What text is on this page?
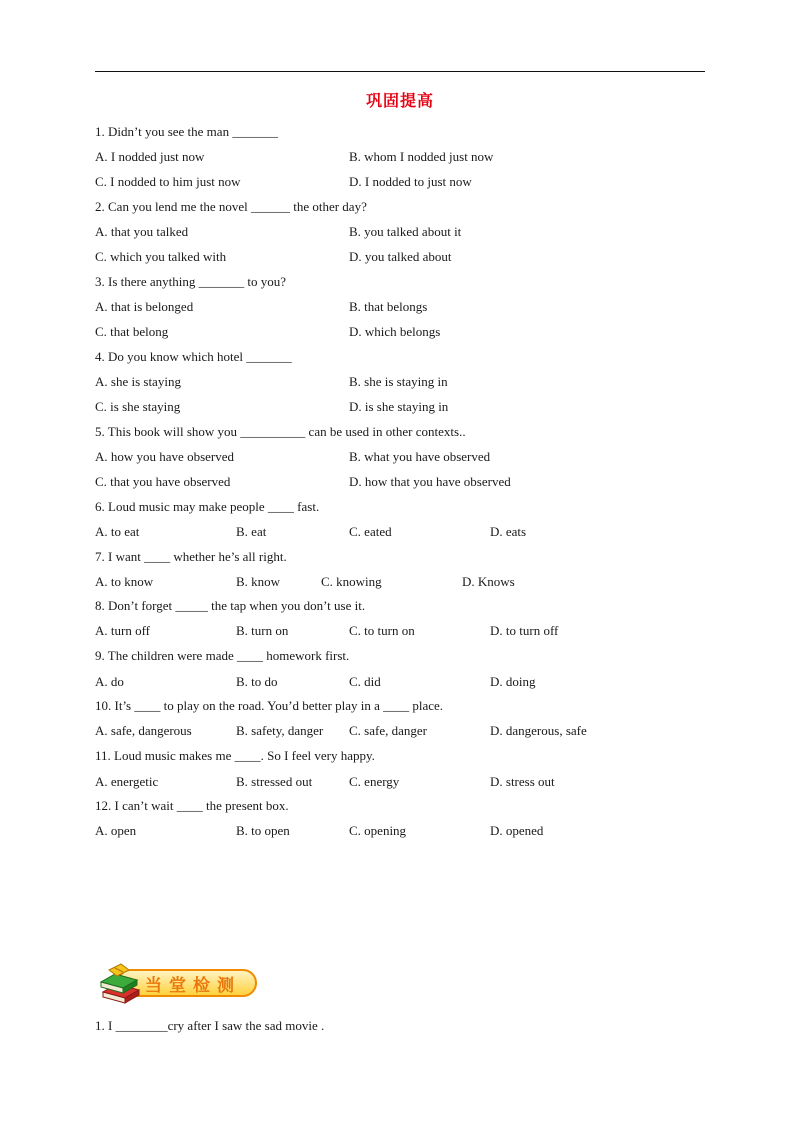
巩固提高
1. Didn’t you see the man _______
A. I nodded just now	B. whom I nodded just now
C. I nodded to him just now	D. I nodded to just now
2. Can you lend me the novel ______ the other day?
A. that you talked	B. you talked about it
C. which you talked with	D. you talked about
3. Is there anything _______ to you?
A. that is belonged	B. that belongs
C. that belong	D. which belongs
4. Do you know which hotel _______
A. she is staying	B. she is staying in
C. is she staying	D. is she staying in
5. This book will show you __________ can be used in other contexts..
A. how you have observed	B. what you have observed
C. that you have observed	D. how that you have observed
6. Loud music may make people ____ fast.
A. to eat	B. eat	C. eated	D. eats
7. I want ____ whether he’s all right.
A. to know	B. know	C. knowing	D. Knows
8. Don’t forget _____ the tap when you don’t use it.
A. turn off	B. turn on	C. to turn on	D. to turn off
9. The children were made ____ homework first.
A. do	B. to do	C. did	D. doing
10. It’s ____ to play on the road. You’d better play in a ____ place.
A. safe, dangerous	B. safety, danger C. safe, danger	D. dangerous, safe
11. Loud music makes me ____. So I feel very happy.
A. energetic	B. stressed out	C. energy	D. stress out
12. I can’t wait ____ the present box.
A. open	B. to open	C. opening	D. opened
当堂检测
1. I ________cry after I saw the sad movie .
